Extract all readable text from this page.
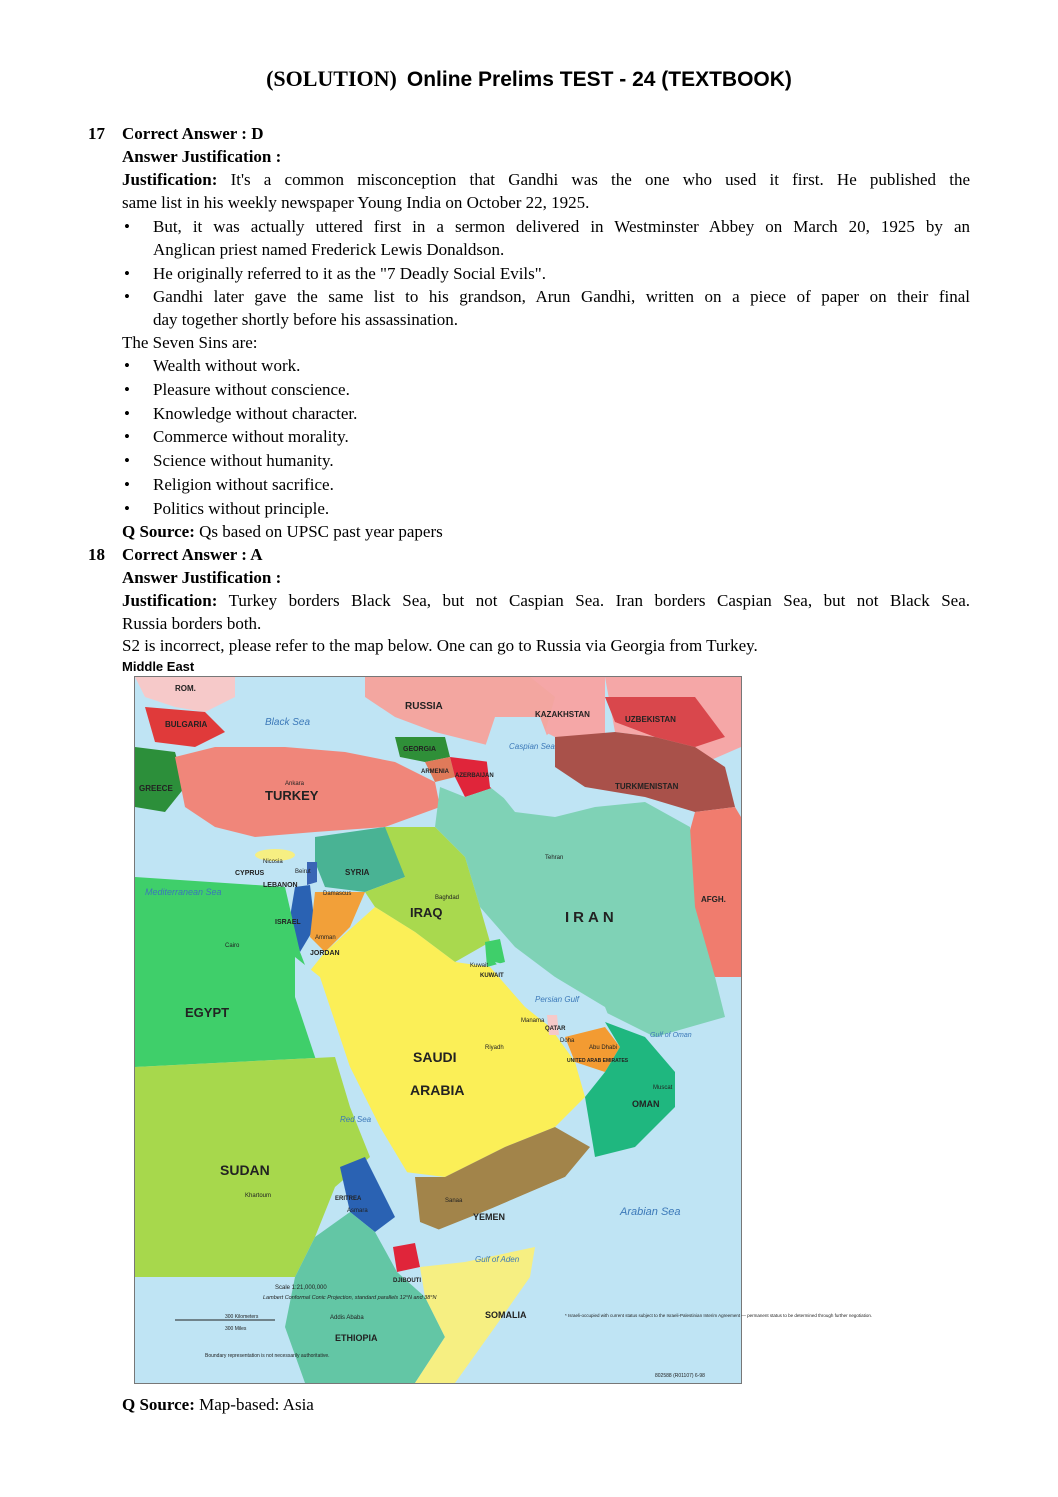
(SOLUTION) Online Prelims TEST - 24 (TEXTBOOK)
17 Correct Answer : D
Answer Justification :
Justification: It's a common misconception that Gandhi was the one who used it first. He published the
same list in his weekly newspaper Young India on October 22, 1925.
• But, it was actually uttered first in a sermon delivered in Westminster Abbey on March 20, 1925 by an
Anglican priest named Frederick Lewis Donaldson.
• He originally referred to it as the "7 Deadly Social Evils".
• Gandhi later gave the same list to his grandson, Arun Gandhi, written on a piece of paper on their final
day together shortly before his assassination.
The Seven Sins are:
• Wealth without work.
• Pleasure without conscience.
• Knowledge without character.
• Commerce without morality.
• Science without humanity.
• Religion without sacrifice.
• Politics without principle.
Q Source: Qs based on UPSC past year papers
18 Correct Answer : A
Answer Justification :
Justification: Turkey borders Black Sea, but not Caspian Sea. Iran borders Caspian Sea, but not Black Sea.
Russia borders both.
S2 is incorrect, please refer to the map below. One can go to Russia via Georgia from Turkey.
Q Source: Map-based: Asia
Middle East
ROM.
BULGARIA
GREECE	TURKEY
RUSSIA
GEORGIA
ARMENIA
AZERBAIJAN
KAZAKHSTAN
UZBEKISTAN
TURKMENISTAN
AFGH.
CYPRUS	SYRIA
LEBANON
ISRAEL
JORDAN
IRAQ	IRAN
KUWAIT
QATAR
UNITED ARAB EMIRATES
OMAN
SAUDI
ARABIA
EGYPT
SUDAN
ERITREA
YEMEN
DJIBOUTI
ETHIOPIA
SOMALIA
Black Sea
Caspian Sea
Mediterranean Sea
Red Sea
Persian Gulf
Gulf of Oman
Arabian Sea
Gulf of Aden
Ankara
Tehran
Baghdad
Riyadh
Cairo
Damascus
Beirut
Amman
Sanaa
Muscat
Abu Dhabi
Doha
Manama
Kuwait
Nicosia
Addis Ababa
Khartoum
Asmara
Scale 1:21,000,000
Lambert Conformal Conic Projection, standard parallels 12°N and 38°N
300 Kilometers
300 Miles
Boundary representation is not necessarily authoritative.
* Israeli-occupied with current status subject to the Israeli-Palestinian Interim Agreement — permanent status to be determined through further negotiation.
802588 (R01107) 6-98
